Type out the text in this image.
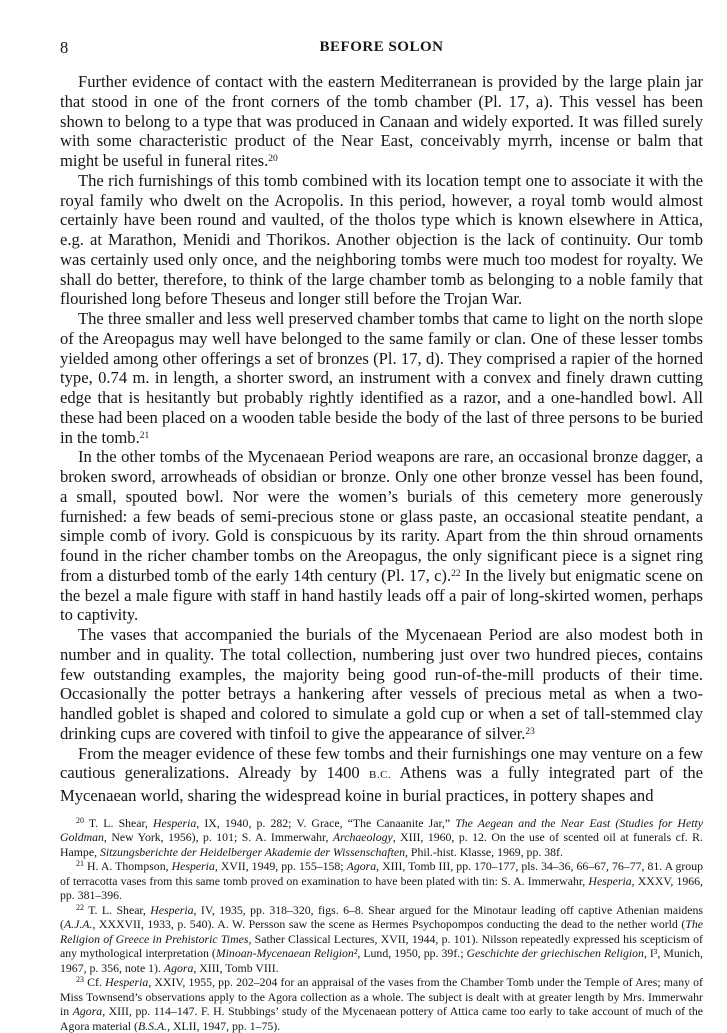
8	BEFORE SOLON

Further evidence of contact with the eastern Mediterranean is provided by the large plain jar that stood in one of the front corners of the tomb chamber (Pl. 17, a). This vessel has been shown to belong to a type that was produced in Canaan and widely exported. It was filled surely with some characteristic product of the Near East, conceivably myrrh, incense or balm that might be useful in funeral rites.$^{20}$

The rich furnishings of this tomb combined with its location tempt one to associate it with the royal family who dwelt on the Acropolis. In this period, however, a royal tomb would almost certainly have been round and vaulted, of the tholos type which is known elsewhere in Attica, e.g. at Marathon, Menidi and Thorikos. Another objection is the lack of continuity. Our tomb was certainly used only once, and the neighboring tombs were much too modest for royalty. We shall do better, therefore, to think of the large chamber tomb as belonging to a noble family that flourished long before Theseus and longer still before the Trojan War.

The three smaller and less well preserved chamber tombs that came to light on the north slope of the Areopagus may well have belonged to the same family or clan. One of these lesser tombs yielded among other offerings a set of bronzes (Pl. 17, d). They comprised a rapier of the horned type, 0.74 m. in length, a shorter sword, an instrument with a convex and finely drawn cutting edge that is hesitantly but probably rightly identified as a razor, and a one-handled bowl. All these had been placed on a wooden table beside the body of the last of three persons to be buried in the tomb.$^{21}$

In the other tombs of the Mycenaean Period weapons are rare, an occasional bronze dagger, a broken sword, arrowheads of obsidian or bronze. Only one other bronze vessel has been found, a small, spouted bowl. Nor were the women’s burials of this cemetery more generously furnished: a few beads of semi-precious stone or glass paste, an occasional steatite pendant, a simple comb of ivory. Gold is conspicuous by its rarity. Apart from the thin shroud ornaments found in the richer chamber tombs on the Areopagus, the only significant piece is a signet ring from a disturbed tomb of the early 14th century (Pl. 17, c).$^{22}$ In the lively but enigmatic scene on the bezel a male figure with staff in hand hastily leads off a pair of long-skirted women, perhaps to captivity.

The vases that accompanied the burials of the Mycenaean Period are also modest both in number and in quality. The total collection, numbering just over two hundred pieces, contains few outstanding examples, the majority being good run-of-the-mill products of their time. Occasionally the potter betrays a hankering after vessels of precious metal as when a two-handled goblet is shaped and colored to simulate a gold cup or when a set of tall-stemmed clay drinking cups are covered with tinfoil to give the appearance of silver.$^{23}$

From the meager evidence of these few tombs and their furnishings one may venture on a few cautious generalizations. Already by 1400 B.C. Athens was a fully integrated part of the Mycenaean world, sharing the widespread koine in burial practices, in pottery shapes and

$^{20}$ T. L. Shear, Hesperia, IX, 1940, p. 282; V. Grace, “The Canaanite Jar,” The Aegean and the Near East (Studies for Hetty Goldman, New York, 1956), p. 101; S. A. Immerwahr, Archaeology, XIII, 1960, p. 12. On the use of scented oil at funerals cf. R. Hampe, Sitzungsberichte der Heidelberger Akademie der Wissenschaften, Phil.-hist. Klasse, 1969, pp. 38f.

$^{21}$ H. A. Thompson, Hesperia, XVII, 1949, pp. 155–158; Agora, XIII, Tomb III, pp. 170–177, pls. 34–36, 66–67, 76–77, 81. A group of terracotta vases from this same tomb proved on examination to have been plated with tin: S. A. Immerwahr, Hesperia, XXXV, 1966, pp. 381–396.

$^{22}$ T. L. Shear, Hesperia, IV, 1935, pp. 318–320, figs. 6–8. Shear argued for the Minotaur leading off captive Athenian maidens (A.J.A., XXXVII, 1933, p. 540). A. W. Persson saw the scene as Hermes Psychopompos conducting the dead to the nether world (The Religion of Greece in Prehistoric Times, Sather Classical Lectures, XVII, 1944, p. 101). Nilsson repeatedly expressed his scepticism of any mythological interpretation (Minoan-Mycenaean Religion², Lund, 1950, pp. 39f.; Geschichte der griechischen Religion, I³, Munich, 1967, p. 356, note 1). Agora, XIII, Tomb VIII.

$^{23}$ Cf. Hesperia, XXIV, 1955, pp. 202–204 for an appraisal of the vases from the Chamber Tomb under the Temple of Ares; many of Miss Townsend’s observations apply to the Agora collection as a whole. The subject is dealt with at greater length by Mrs. Immerwahr in Agora, XIII, pp. 114–147. F. H. Stubbings’ study of the Mycenaean pottery of Attica came too early to take account of much of the Agora material (B.S.A., XLII, 1947, pp. 1–75).
